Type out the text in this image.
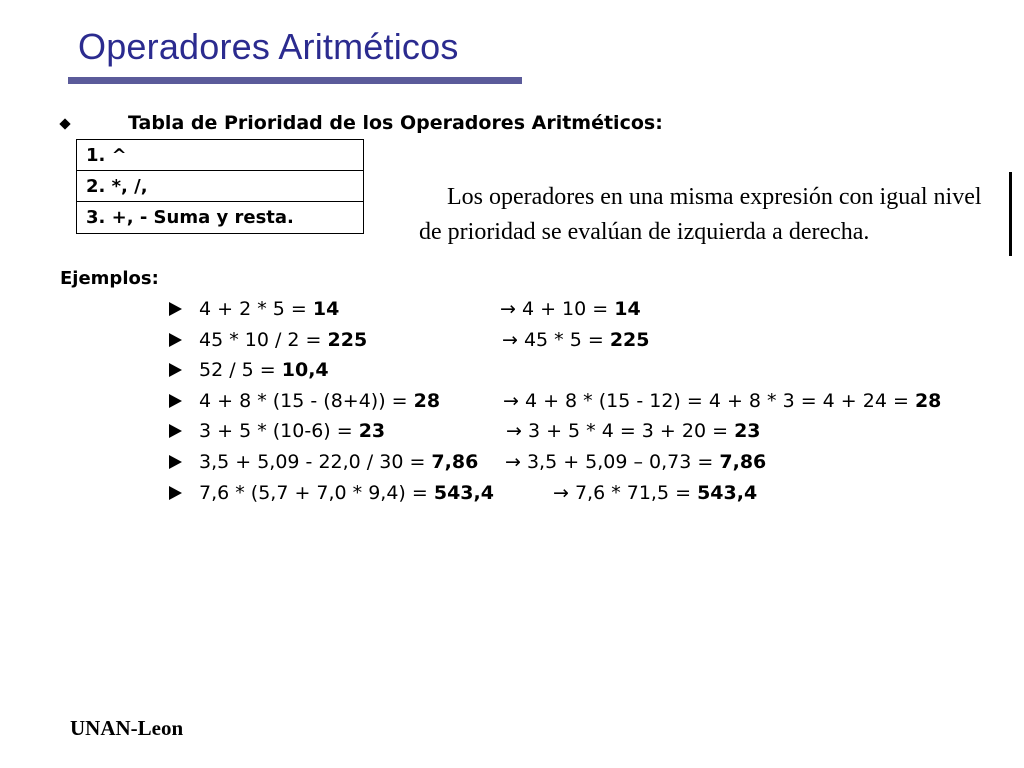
Operadores Aritméticos
Tabla de Prioridad de los Operadores Aritméticos:
1. ^
2. *, /,
3. +, - Suma y resta.
Los operadores en una misma expresión con igual nivel
de prioridad se evalúan de izquierda a derecha.
Ejemplos:
4 + 2 * 5 = 14	→ 4 + 10 = 14
45 * 10 / 2 = 225	→ 45 * 5 = 225
52 / 5 = 10,4
4 + 8 * (15 - (8+4)) = 28	→ 4 + 8 * (15 - 12) = 4 + 8 * 3 = 4 + 24 = 28
3 + 5 * (10-6) = 23	→ 3 + 5 * 4 = 3 + 20 = 23
3,5 + 5,09 - 22,0 / 30 = 7,86 → 3,5 + 5,09 – 0,73 = 7,86
7,6 * (5,7 + 7,0 * 9,4) = 543,4	→ 7,6 * 71,5 = 543,4
UNAN-Leon
